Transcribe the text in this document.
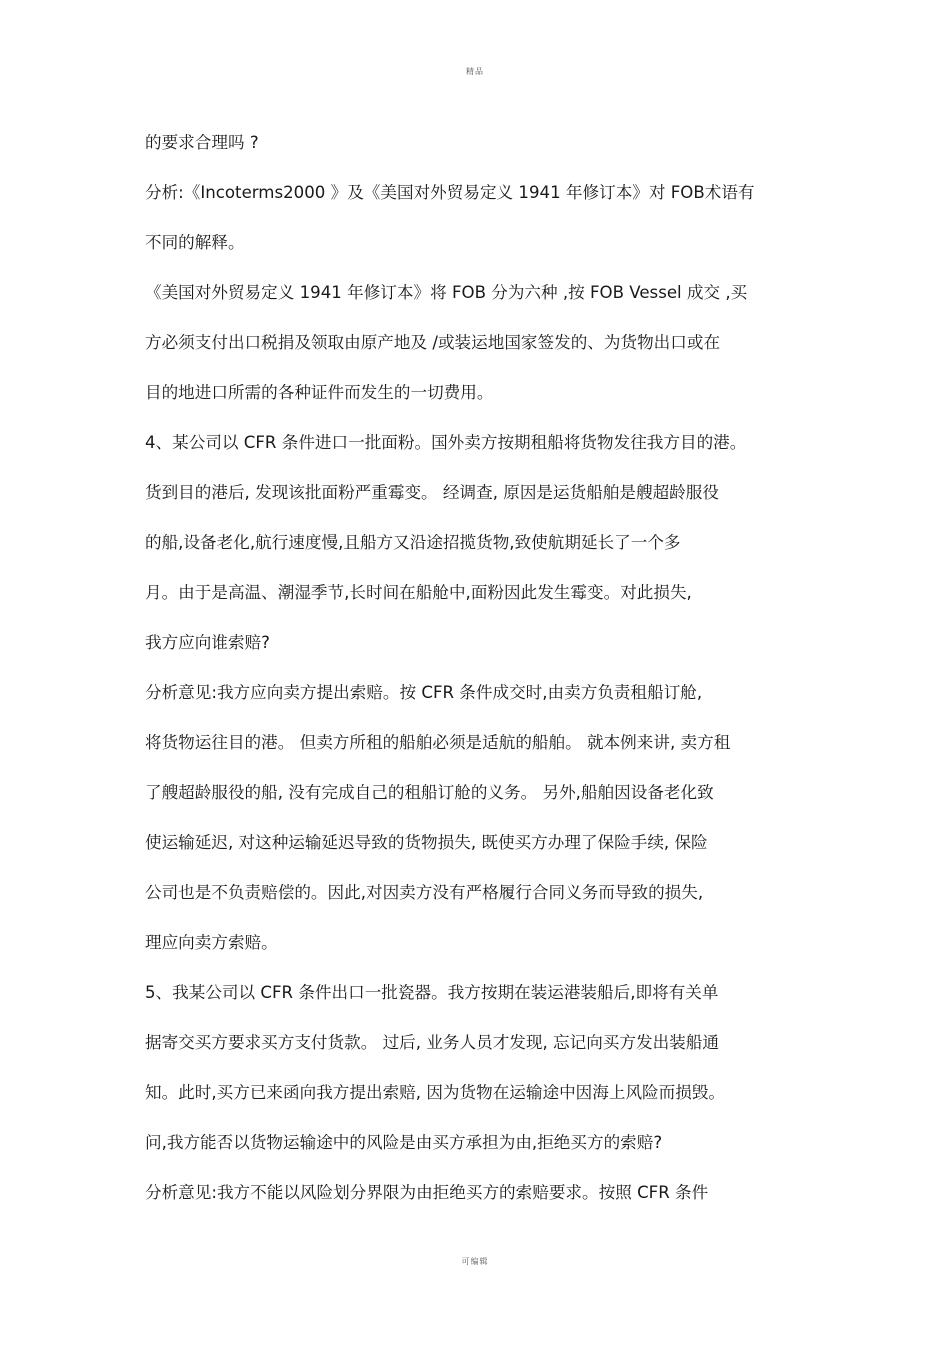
精品
的要求合理吗 ?
分析:《Incoterms2000 》及《美国对外贸易定义 1941 年修订本》对 FOB术语有
不同的解释。
《美国对外贸易定义 1941 年修订本》将 FOB 分为六种 ,按 FOB Vessel 成交 ,买
方必须支付出口税捐及领取由原产地及 /或装运地国家签发的、为货物出口或在
目的地进口所需的各种证件而发生的一切费用。
4、某公司以 CFR 条件进口一批面粉。国外卖方按期租船将货物发往我方目的港。
货到目的港后, 发现该批面粉严重霉变。 经调查, 原因是运货船舶是艘超龄服役
的船,设备老化,航行速度慢,且船方又沿途招揽货物,致使航期延长了一个多
月。由于是高温、潮湿季节,长时间在船舱中,面粉因此发生霉变。对此损失,
我方应向谁索赔?
分析意见:我方应向卖方提出索赔。按 CFR 条件成交时,由卖方负责租船订舱,
将货物运往目的港。 但卖方所租的船舶必须是适航的船舶。 就本例来讲, 卖方租
了艘超龄服役的船, 没有完成自己的租船订舱的义务。 另外,船舶因设备老化致
使运输延迟, 对这种运输延迟导致的货物损失, 既使买方办理了保险手续, 保险
公司也是不负责赔偿的。因此,对因卖方没有严格履行合同义务而导致的损失,
理应向卖方索赔。
5、我某公司以 CFR 条件出口一批瓷器。我方按期在装运港装船后,即将有关单
据寄交买方要求买方支付货款。 过后, 业务人员才发现, 忘记向买方发出装船通
知。此时,买方已来函向我方提出索赔, 因为货物在运输途中因海上风险而损毁。
问,我方能否以货物运输途中的风险是由买方承担为由,拒绝买方的索赔?
分析意见:我方不能以风险划分界限为由拒绝买方的索赔要求。按照 CFR 条件
可编辑
